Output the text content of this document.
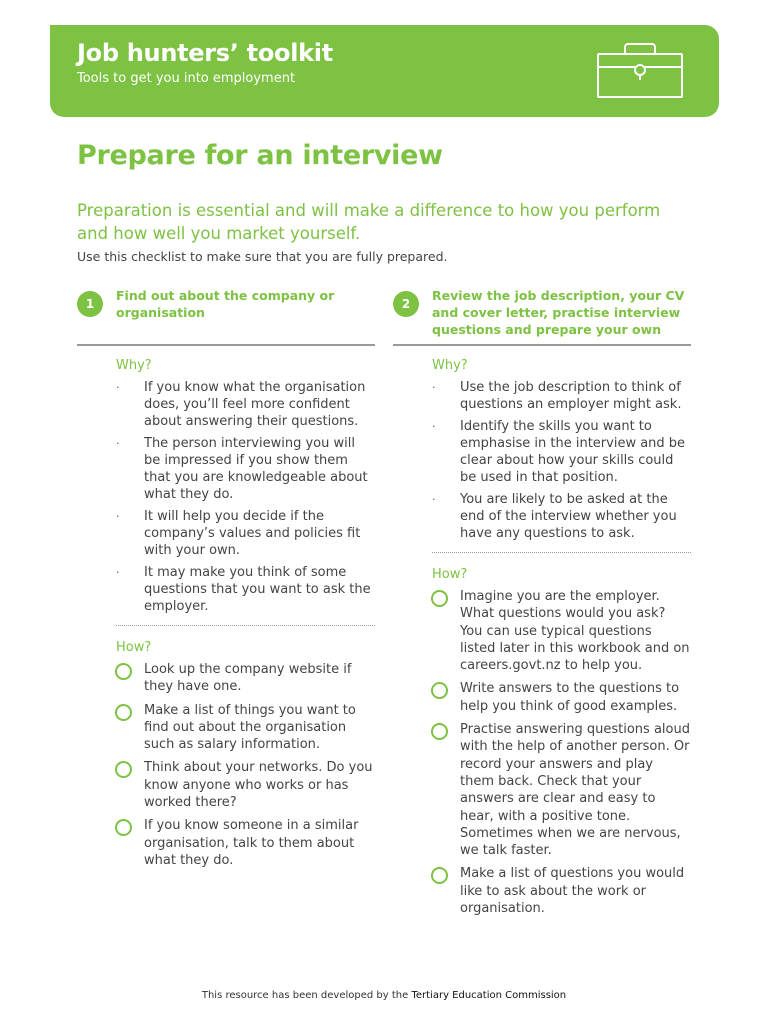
Job hunters’ toolkit
Tools to get you into employment
Prepare for an interview

Preparation is essential and will make a difference to how you perform and how well you market yourself.

Use this checklist to make sure that you are fully prepared.

1
Find out about the company or organisation

Why?

· If you know what the organisation does, you’ll feel more confident about answering their questions.
· The person interviewing you will be impressed if you show them that you are knowledgeable about what they do.
· It will help you decide if the company’s values and policies fit with your own.
· It may make you think of some questions that you want to ask the employer.

How?

Look up the company website if they have one.
Make a list of things you want to find out about the organisation such as salary information.
Think about your networks. Do you know anyone who works or has worked there?
If you know someone in a similar organisation, talk to them about what they do.
2
Review the job description, your CV and cover letter, practise interview questions and prepare your own

Why?

· Use the job description to think of questions an employer might ask.
· Identify the skills you want to emphasise in the interview and be clear about how your skills could be used in that position.
· You are likely to be asked at the end of the interview whether you have any questions to ask.

How?

Imagine you are the employer. What questions would you ask? You can use typical questions listed later in this workbook and on careers.govt.nz to help you.
Write answers to the questions to help you think of good examples.
Practise answering questions aloud with the help of another person. Or record your answers and play them back. Check that your answers are clear and easy to hear, with a positive tone. Sometimes when we are nervous, we talk faster.
Make a list of questions you would like to ask about the work or organisation.
This resource has been developed by the Tertiary Education Commission
